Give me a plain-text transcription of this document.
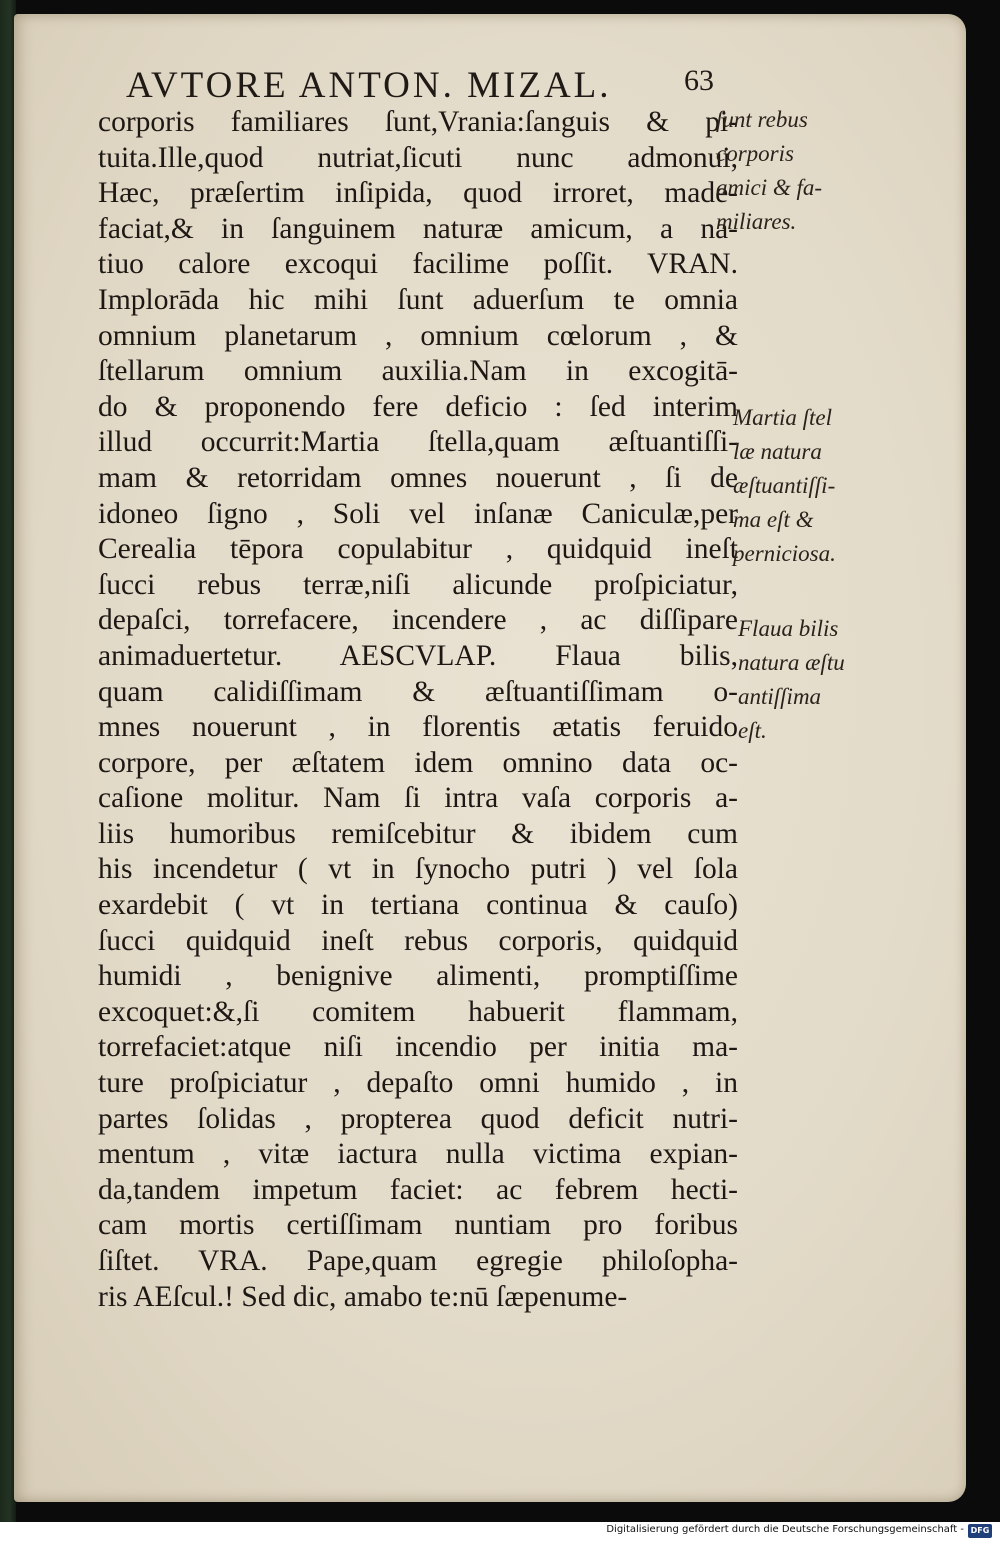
AVTORE ANTON. MIZAL. 63
corporis familiares ſunt,Vrania:ſanguis & pi-
tuita.Ille,quod nutriat,ſicuti nunc admonui,
Hæc, præſertim inſipida, quod irroret, made-
faciat,& in ſanguinem naturæ amicum, a na-
tiuo calore excoqui facilime poſſit. VRAN.
Implorāda hic mihi ſunt aduerſum te omnia
omnium planetarum , omnium cœlorum , &
ſtellarum omnium auxilia.Nam in excogitā-
do & proponendo fere deficio : ſed interim
illud occurrit:Martia ſtella,quam æſtuantiſſi-
mam & retorridam omnes nouerunt , ſi de
idoneo ſigno , Soli vel inſanæ Caniculæ,per
Cerealia tēpora copulabitur , quidquid ineſt
ſucci rebus terræ,niſi alicunde proſpiciatur,
depaſci, torrefacere, incendere , ac diſſipare
animaduertetur. AESCVLAP. Flaua bilis,
quam calidiſſimam & æſtuantiſſimam o-
mnes nouerunt , in florentis ætatis feruido
corpore, per æſtatem idem omnino data oc-
caſione molitur. Nam ſi intra vaſa corporis a-
liis humoribus remiſcebitur & ibidem cum
his incendetur ( vt in ſynocho putri ) vel ſola
exardebit ( vt in tertiana continua & cauſo)
ſucci quidquid ineſt rebus corporis, quidquid
humidi , benignive alimenti, promptiſſime
excoquet:&,ſi comitem habuerit flammam,
torrefaciet:atque niſi incendio per initia ma-
ture proſpiciatur , depaſto omni humido , in
partes ſolidas , propterea quod deficit nutri-
mentum , vitæ iactura nulla victima expian-
da,tandem impetum faciet: ac febrem hecti-
cam mortis certiſſimam nuntiam pro foribus
ſiſtet. VRA. Pape,quam egregie philoſopha-
ris AEſcul.! Sed dic, amabo te:nū ſæpenume-
ſunt rebus
corporis
amici & fa-
miliares.
Martia ſtel
læ natura
æſtuantiſſi-
ma eſt &
perniciosa.
Flaua bilis
natura æſtu
antiſſima
eſt.
Digitalisierung gefördert durch die Deutsche Forschungsgemeinschaft - DFG
